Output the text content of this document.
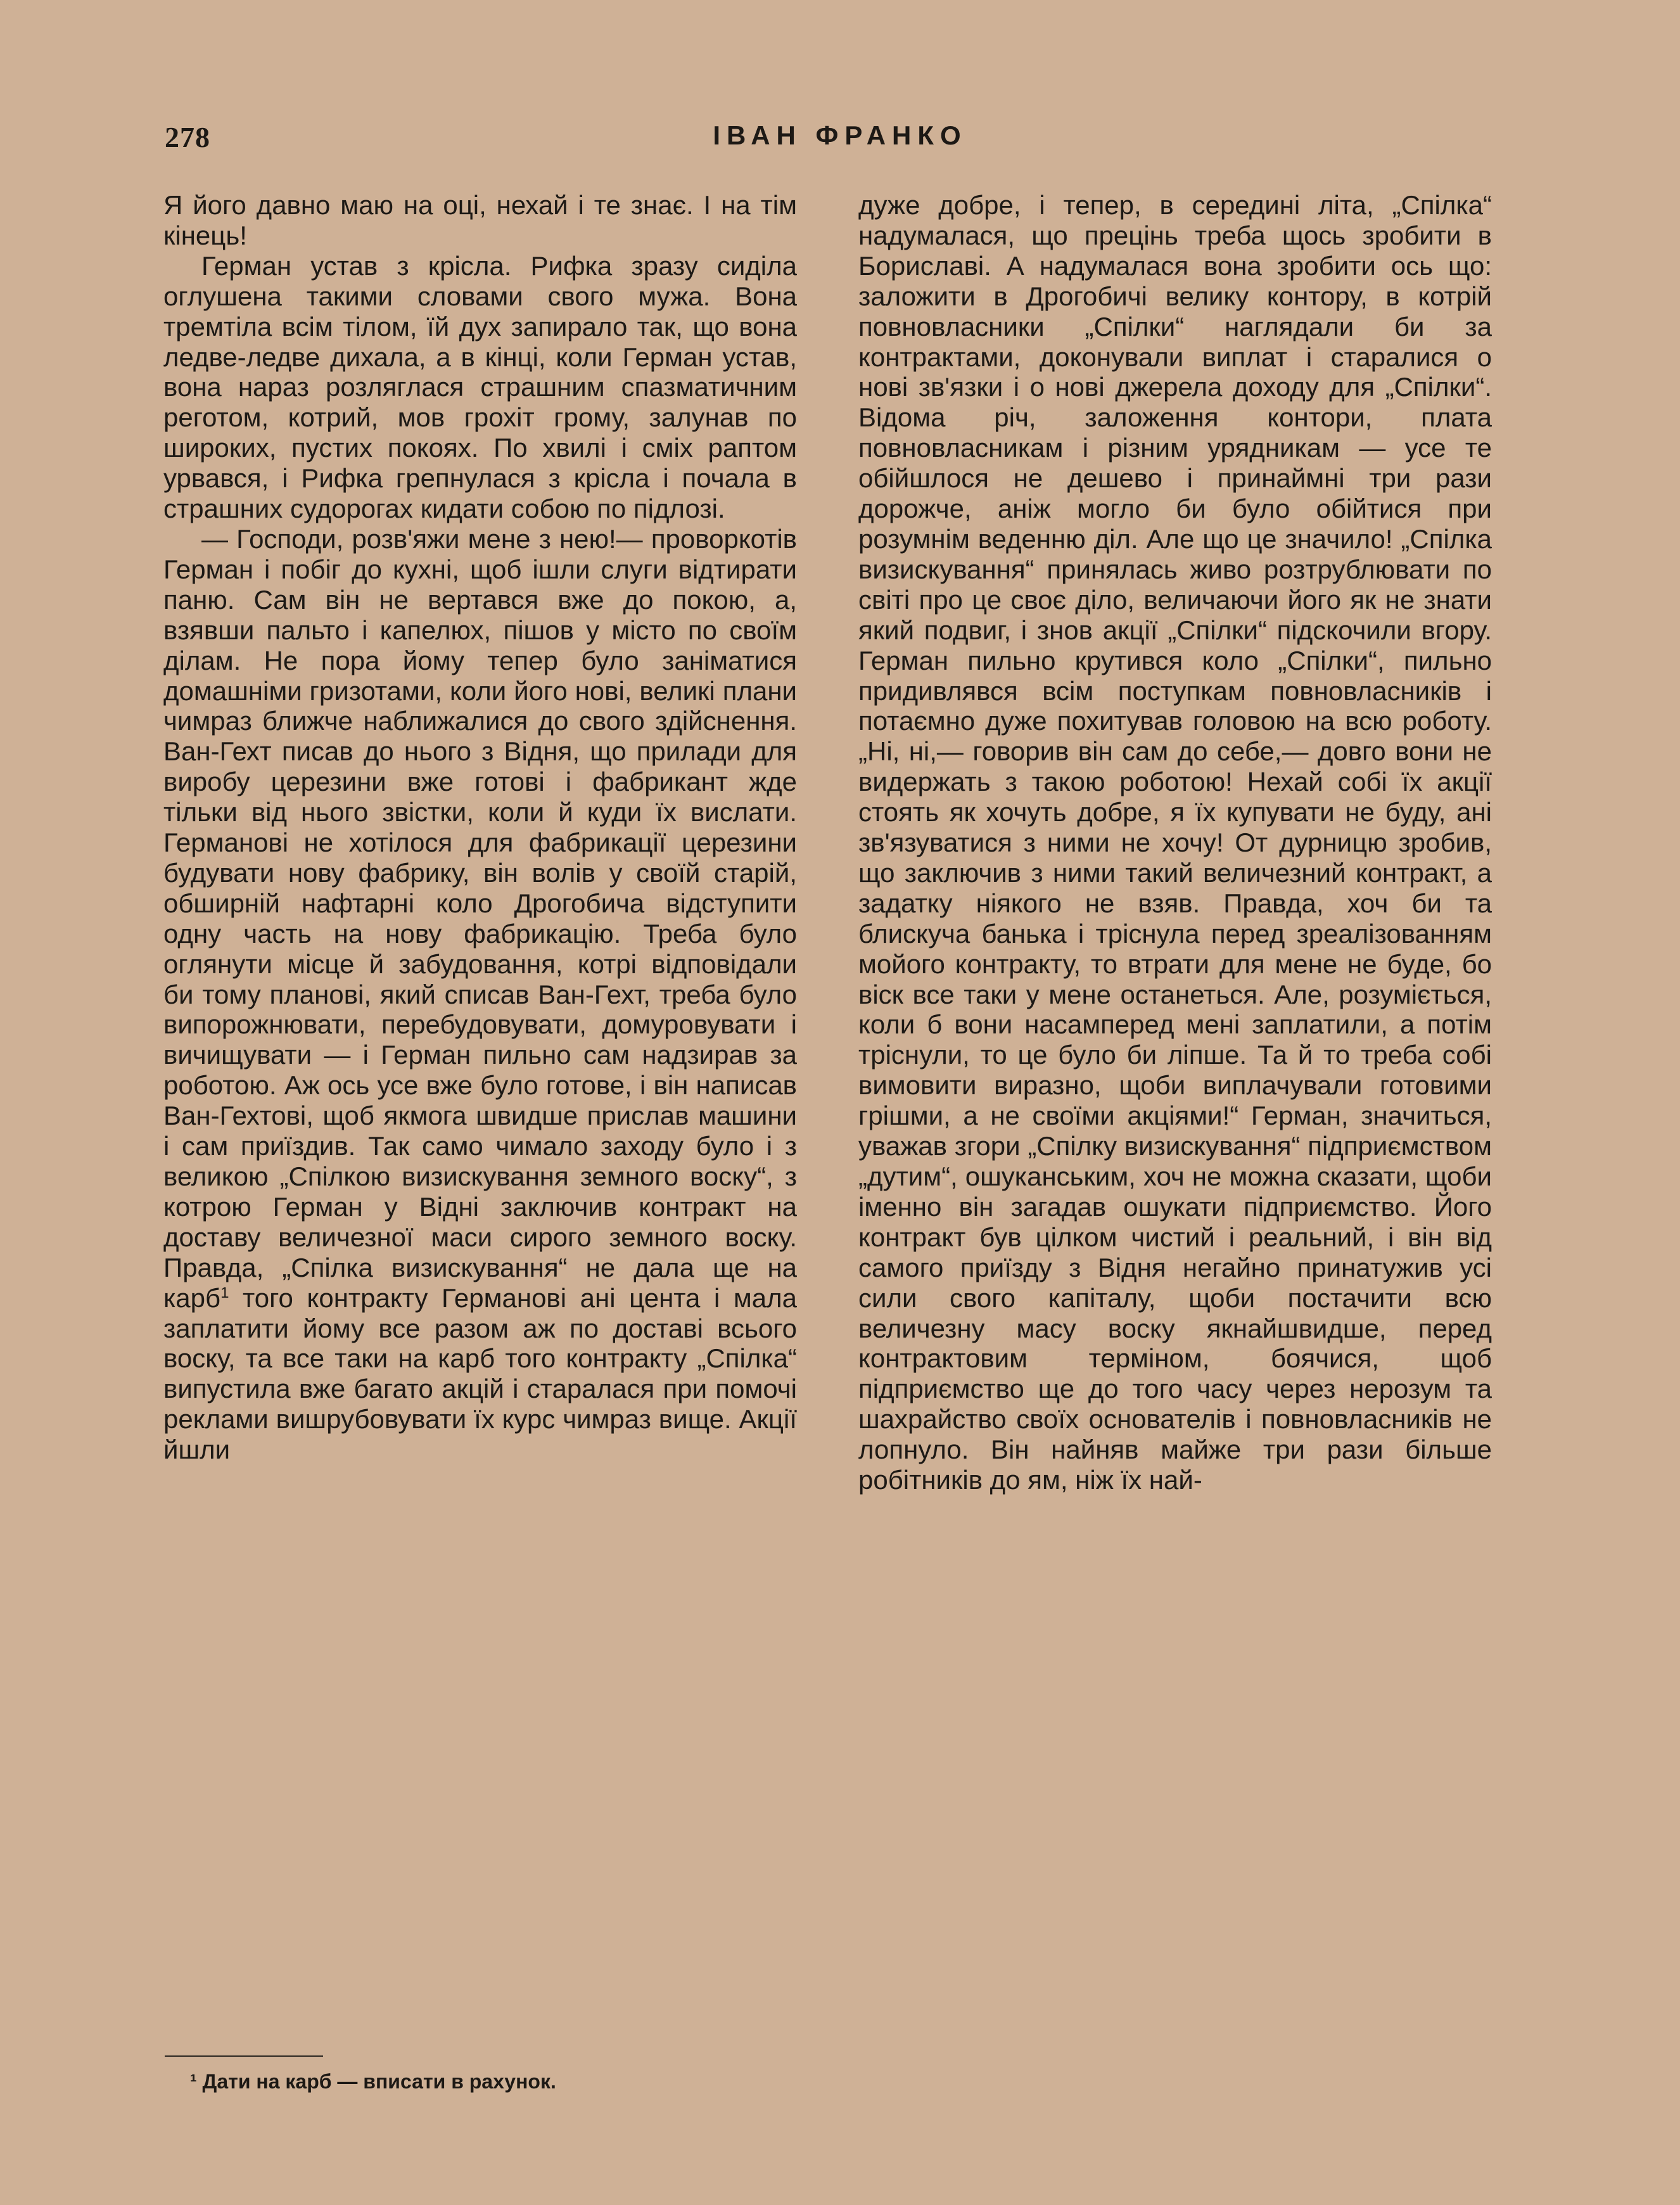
278	ІВАН ФРАНКО

Я його давно маю на оці, нехай і те знає. І на тім кінець!

Герман устав з крісла. Рифка зразу сиділа оглушена такими словами свого мужа. Вона тремтіла всім тілом, їй дух запирало так, що вона ледве-ледве дихала, а в кінці, коли Герман устав, вона нараз розляглася страшним спазматичним реготом, котрий, мов грохіт грому, залунав по широких, пустих покоях. По хвилі і сміх раптом урвався, і Рифка грепнулася з крісла і почала в страшних судорогах кидати собою по підлозі.

— Господи, розв'яжи мене з нею!— проворкотів Герман і побіг до кухні, щоб ішли слуги відтирати паню. Сам він не вертався вже до покою, а, взявши пальто і капелюх, пішов у місто по своїм ділам. Не пора йому тепер було заніматися домашніми гризотами, коли його нові, великі плани чимраз ближче наближалися до свого здійснення. Ван-Гехт писав до нього з Відня, що прилади для виробу церезини вже готові і фабрикант жде тільки від нього звістки, коли й куди їх вислати. Германові не хотілося для фабрикації церезини будувати нову фабрику, він волів у своїй старій, обширній нафтарні коло Дрогобича відступити одну часть на нову фабрикацію. Треба було оглянути місце й забудовання, котрі відповідали би тому планові, який списав Ван-Гехт, треба було випорожнювати, перебудовувати, домуровувати і вичищувати — і Герман пильно сам надзирав за роботою. Аж ось усе вже було готове, і він написав Ван-Гехтові, щоб якмога швидше прислав машини і сам приїздив. Так само чимало заходу було і з великою „Спілкою визискування земного воску“, з котрою Герман у Відні заключив контракт на доставу величезної маси сирого земного воску. Правда, „Спілка визискування“ не дала ще на карб$^1$ того контракту Германові ані цента і мала заплатити йому все разом аж по доставі всього воску, та все таки на карб того контракту „Спілка“ випустила вже багато акцій і старалася при помочі реклами вишрубовувати їх курс чимраз вище. Акції йшли

дуже добре, і тепер, в середині літа, „Спілка“ надумалася, що прецінь треба щось зробити в Бориславі. А надумалася вона зробити ось що: заложити в Дрогобичі велику контору, в котрій повновласники „Спілки“ наглядали би за контрактами, доконували виплат і старалися о нові зв'язки і о нові джерела доходу для „Спілки“. Відома річ, заложення контори, плата повновласникам і різним урядникам — усе те обійшлося не дешево і принаймні три рази дорожче, аніж могло би було обійтися при розумнім веденню діл. Але що це значило! „Спілка визискування“ принялась живо розтрублювати по світі про це своє діло, величаючи його як не знати який подвиг, і знов акції „Спілки“ підскочили вгору. Герман пильно крутився коло „Спілки“, пильно придивлявся всім поступкам повновласників і потаємно дуже похитував головою на всю роботу. „Ні, ні,— говорив він сам до себе,— довго вони не видержать з такою роботою! Нехай собі їх акції стоять як хочуть добре, я їх купувати не буду, ані зв'язуватися з ними не хочу! От дурницю зробив, що заключив з ними такий величезний контракт, а задатку ніякого не взяв. Правда, хоч би та блискуча банька і тріснула перед зреалізованням мойого контракту, то втрати для мене не буде, бо віск все таки у мене останеться. Але, розуміється, коли б вони насамперед мені заплатили, а потім тріснули, то це було би ліпше. Та й то треба собі вимовити виразно, щоби виплачували готовими грішми, а не своїми акціями!“ Герман, значиться, уважав згори „Спілку визискування“ підприємством „дутим“, ошуканським, хоч не можна сказати, щоби іменно він загадав ошукати підприємство. Його контракт був цілком чистий і реальний, і він від самого приїзду з Відня негайно принатужив усі сили свого капіталу, щоби постачити всю величезну масу воску якнайшвидше, перед контрактовим терміном, боячися, щоб підприємство ще до того часу через нерозум та шахрайство своїх основателів і повновласників не лопнуло. Він найняв майже три рази більше робітників до ям, ніж їх най-

¹ Дати на карб — вписати в рахунок.
